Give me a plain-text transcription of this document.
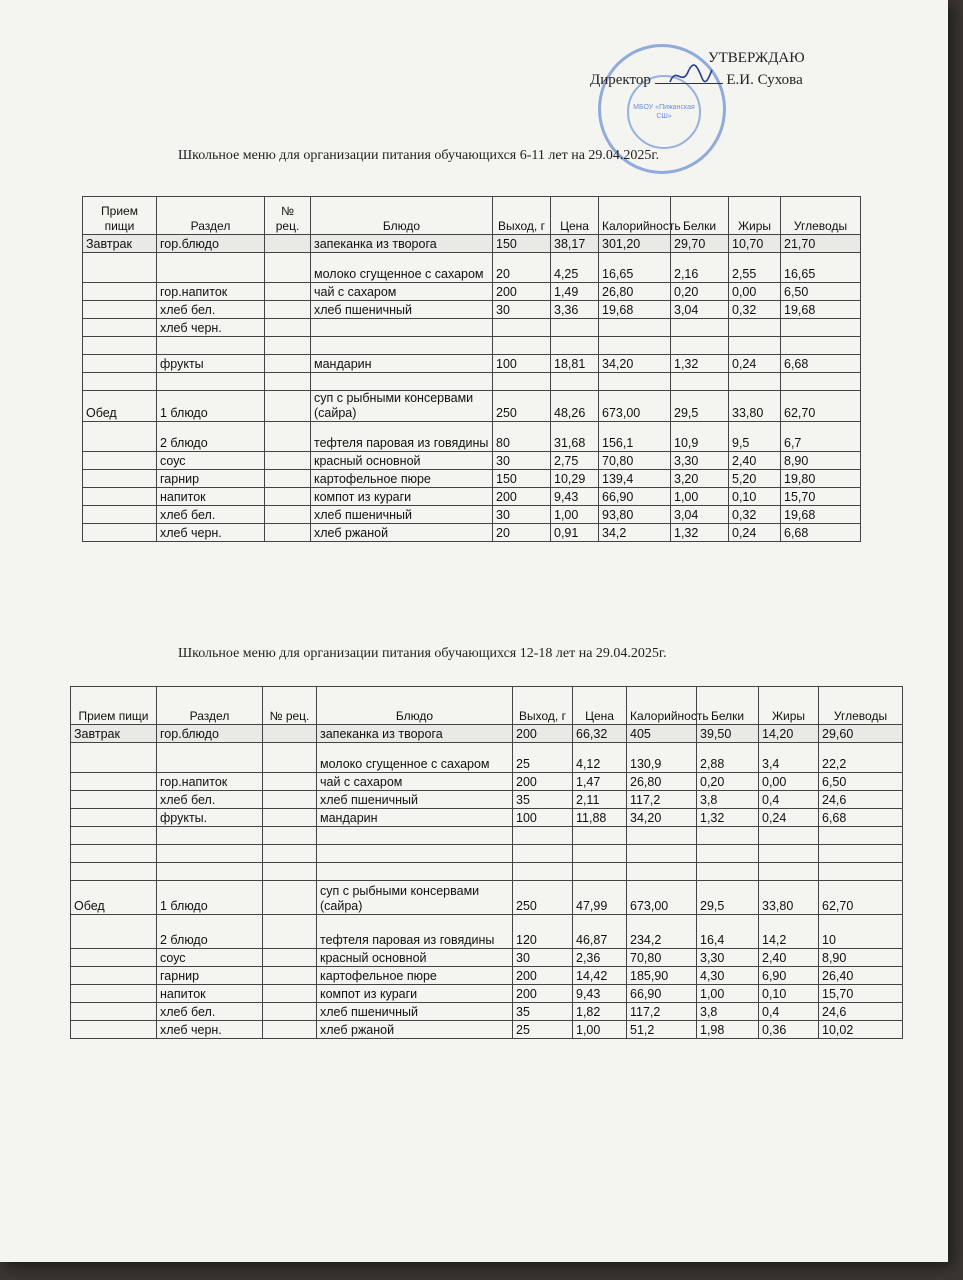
МБОУ «Пижанская СШ»
УТВЕРЖДАЮ
Директор	Е.И. Сухова
Школьное меню для организации питания обучающихся 6-11 лет на 29.04.2025г.
Прием пищи	Раздел	№ рец.	Блюдо	Выход, г	Цена	Калорийность	Белки	Жиры	Углеводы
Завтрак	гор.блюдо		запеканка из творога	150	38,17	301,20	29,70	10,70	21,70
			молоко сгущенное с сахаром	20	4,25	16,65	2,16	2,55	16,65
	гор.напиток		чай с сахаром	200	1,49	26,80	0,20	0,00	6,50
	хлеб бел.		хлеб пшеничный	30	3,36	19,68	3,04	0,32	19,68
	хлеб черн.								

	фрукты		мандарин	100	18,81	34,20	1,32	0,24	6,68

Обед	1 блюдо		суп с рыбными консервами (сайра)	250	48,26	673,00	29,5	33,80	62,70
	2 блюдо		тефтеля паровая из говядины	80	31,68	156,1	10,9	9,5	6,7
	соус		красный основной	30	2,75	70,80	3,30	2,40	8,90
	гарнир		картофельное пюре	150	10,29	139,4	3,20	5,20	19,80
	напиток		компот из кураги	200	9,43	66,90	1,00	0,10	15,70
	хлеб бел.		хлеб пшеничный	30	1,00	93,80	3,04	0,32	19,68
	хлеб черн.		хлеб ржаной	20	0,91	34,2	1,32	0,24	6,68
Школьное меню для организации питания обучающихся 12-18 лет на 29.04.2025г.
Прием пищи	Раздел	№ рец.	Блюдо	Выход, г	Цена	Калорийность	Белки	Жиры	Углеводы
Завтрак	гор.блюдо		запеканка из творога	200	66,32	405	39,50	14,20	29,60
			молоко сгущенное с сахаром	25	4,12	130,9	2,88	3,4	22,2
	гор.напиток		чай с сахаром	200	1,47	26,80	0,20	0,00	6,50
	хлеб бел.		хлеб пшеничный	35	2,11	117,2	3,8	0,4	24,6
	фрукты.		мандарин	100	11,88	34,20	1,32	0,24	6,68

Обед	1 блюдо		суп с рыбными консервами (сайра)	250	47,99	673,00	29,5	33,80	62,70
	2 блюдо		тефтеля паровая из говядины	120	46,87	234,2	16,4	14,2	10
	соус		красный основной	30	2,36	70,80	3,30	2,40	8,90
	гарнир		картофельное пюре	200	14,42	185,90	4,30	6,90	26,40
	напиток		компот из кураги	200	9,43	66,90	1,00	0,10	15,70
	хлеб бел.		хлеб пшеничный	35	1,82	117,2	3,8	0,4	24,6
	хлеб черн.		хлеб ржаной	25	1,00	51,2	1,98	0,36	10,02
